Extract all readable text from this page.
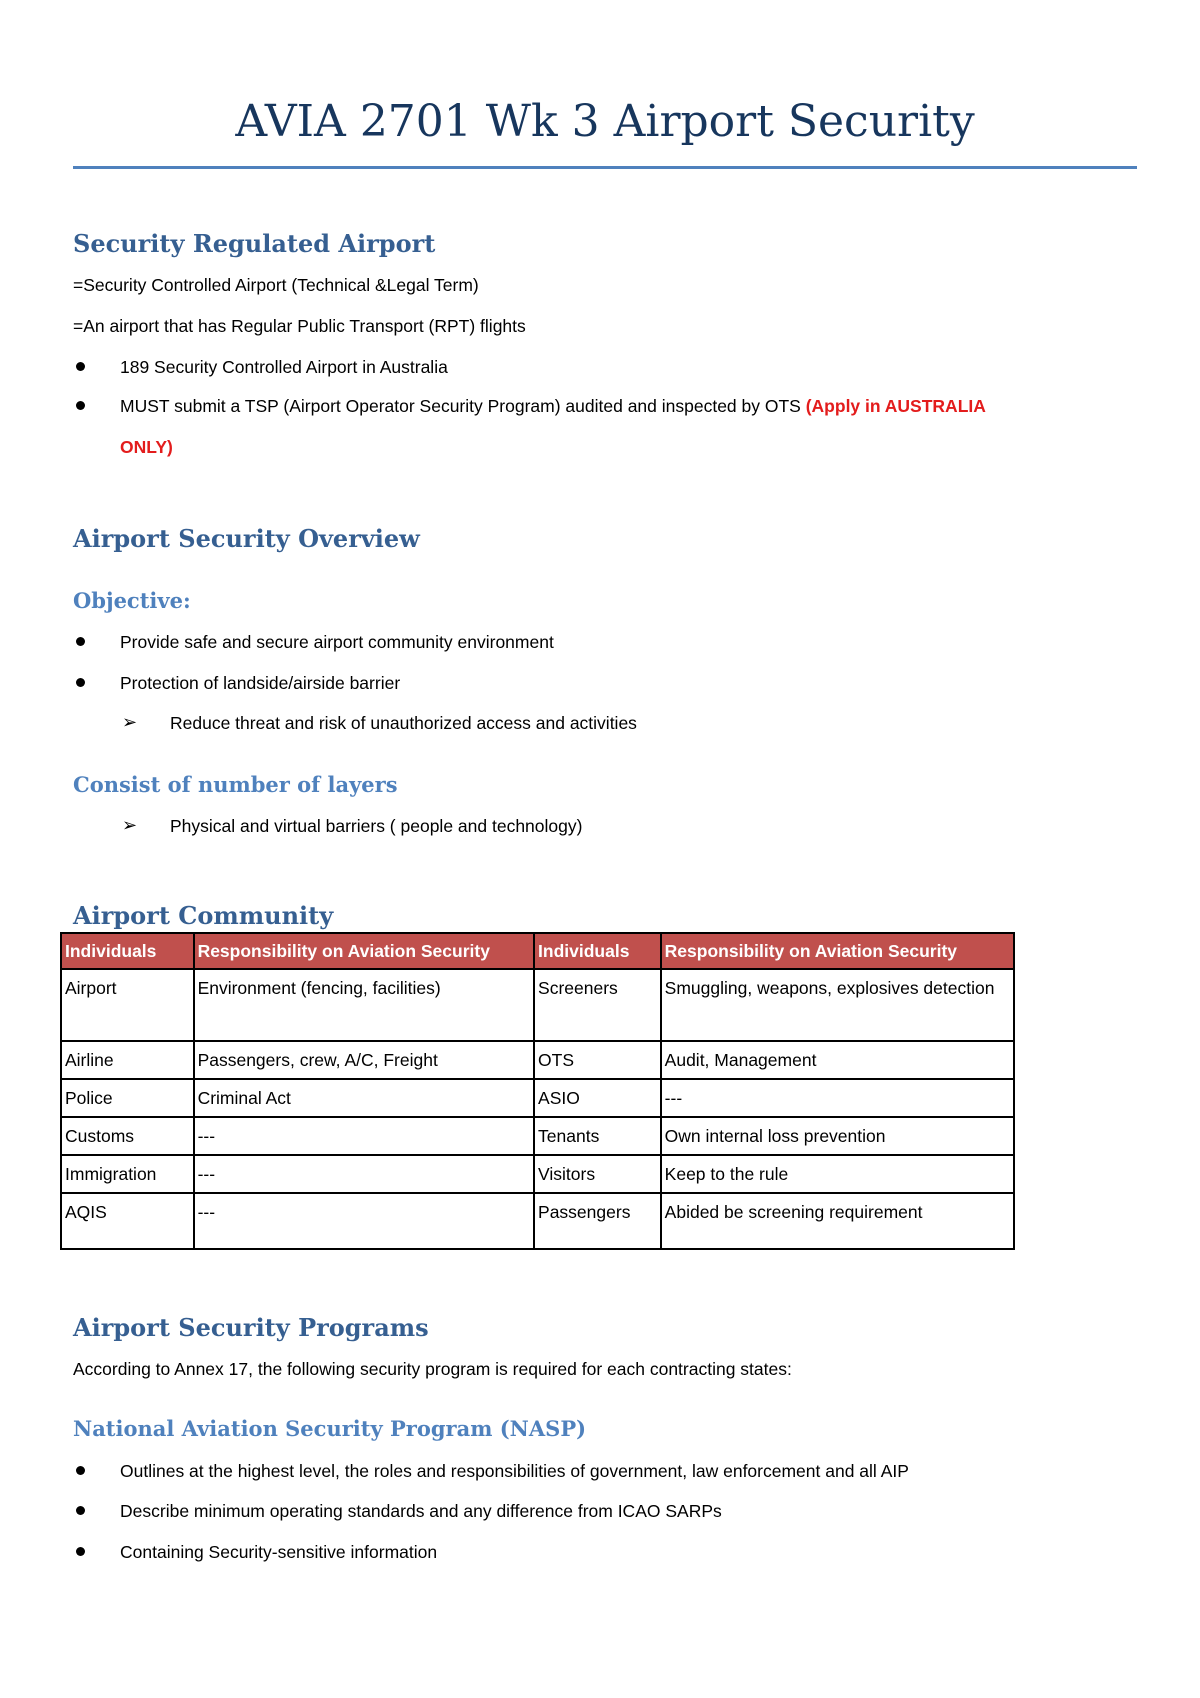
AVIA 2701 Wk 3 Airport Security
Security Regulated Airport
=Security Controlled Airport (Technical &Legal Term)
=An airport that has Regular Public Transport (RPT) flights
189 Security Controlled Airport in Australia
MUST submit a TSP (Airport Operator Security Program) audited and inspected by OTS (Apply in AUSTRALIA
ONLY)
Airport Security Overview
Objective:
Provide safe and secure airport community environment
Protection of landside/airside barrier
➢ Reduce threat and risk of unauthorized access and activities
Consist of number of layers
➢ Physical and virtual barriers ( people and technology)
Airport Community
Individuals	Responsibility on Aviation Security	Individuals	Responsibility on Aviation Security
Airport	Environment (fencing, facilities)	Screeners	Smuggling, weapons, explosives detection
Airline	Passengers, crew, A/C, Freight	OTS	Audit, Management
Police	Criminal Act	ASIO	---
Customs	---	Tenants	Own internal loss prevention
Immigration	---	Visitors	Keep to the rule
AQIS	---	Passengers	Abided be screening requirement
Airport Security Programs
According to Annex 17, the following security program is required for each contracting states:
National Aviation Security Program (NASP)
Outlines at the highest level, the roles and responsibilities of government, law enforcement and all AIP
Describe minimum operating standards and any difference from ICAO SARPs
Containing Security-sensitive information
